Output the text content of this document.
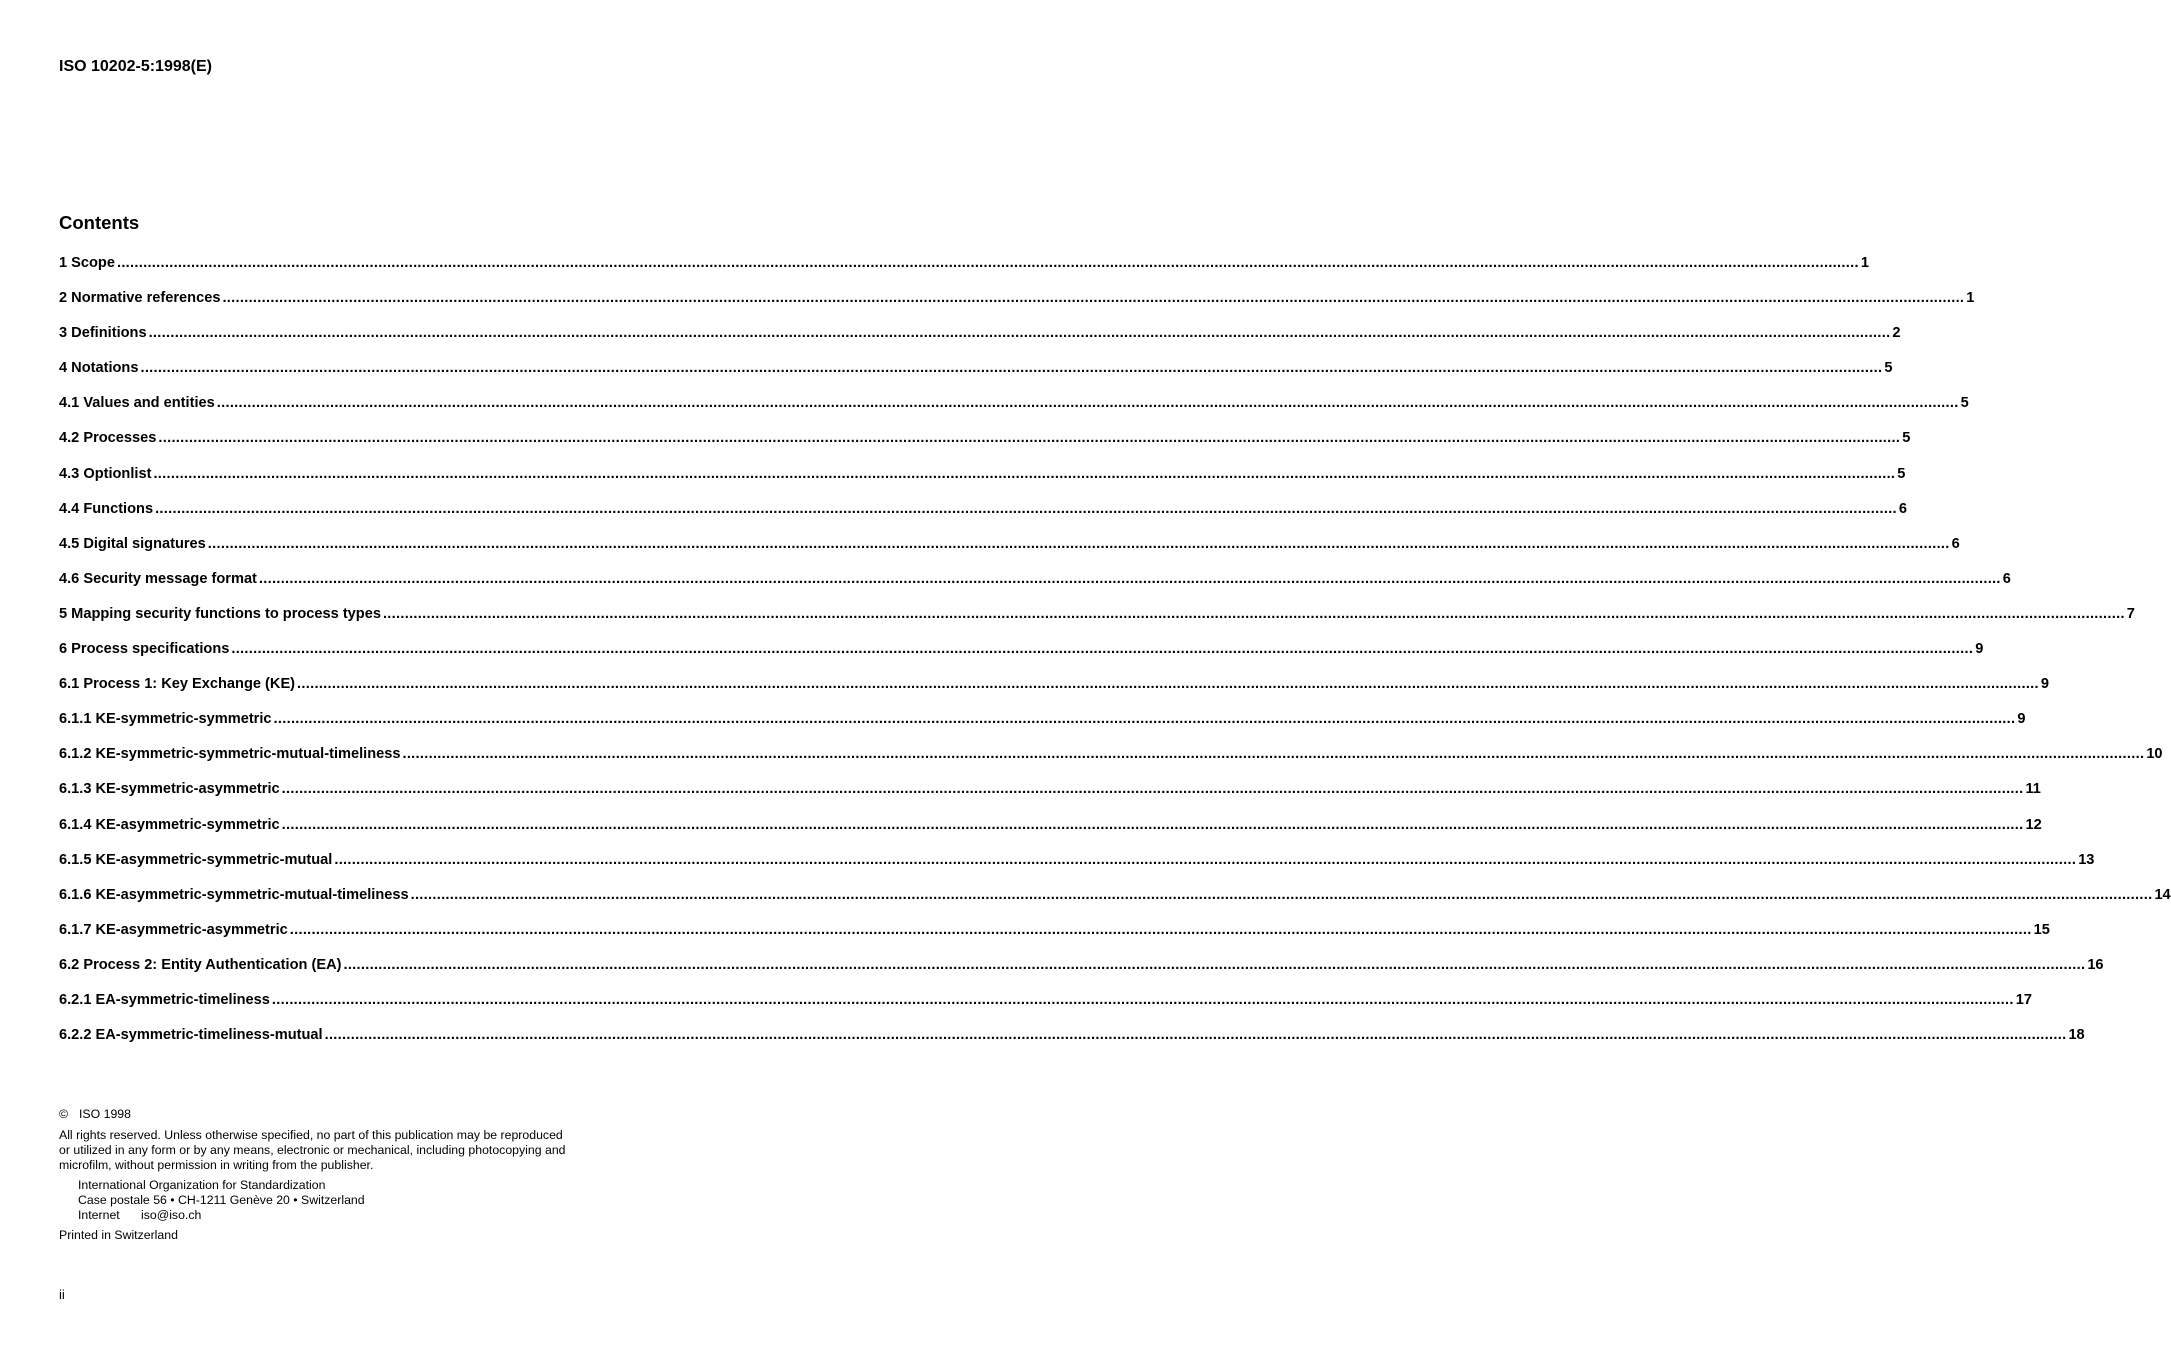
ISO 10202-5:1998(E)
Contents
1 Scope ................................................................................................................................................................................................................................................................................................................................................................................................................ 1
2 Normative references ................................................................................................................................................................................................................................................................................................................................................................................................................ 1
3 Definitions ................................................................................................................................................................................................................................................................................................................................................................................................................ 2
4 Notations ................................................................................................................................................................................................................................................................................................................................................................................................................ 5
4.1 Values and entities ................................................................................................................................................................................................................................................................................................................................................................................................................ 5
4.2 Processes ................................................................................................................................................................................................................................................................................................................................................................................................................ 5
4.3 Optionlist ................................................................................................................................................................................................................................................................................................................................................................................................................ 5
4.4 Functions ................................................................................................................................................................................................................................................................................................................................................................................................................ 6
4.5 Digital signatures ................................................................................................................................................................................................................................................................................................................................................................................................................ 6
4.6 Security message format ................................................................................................................................................................................................................................................................................................................................................................................................................ 6
5 Mapping security functions to process types ................................................................................................................................................................................................................................................................................................................................................................................................................ 7
6 Process specifications ................................................................................................................................................................................................................................................................................................................................................................................................................ 9
6.1 Process 1: Key Exchange (KE) ................................................................................................................................................................................................................................................................................................................................................................................................................ 9
6.1.1 KE-symmetric-symmetric ................................................................................................................................................................................................................................................................................................................................................................................................................ 9
6.1.2 KE-symmetric-symmetric-mutual-timeliness ................................................................................................................................................................................................................................................................................................................................................................................................................ 10
6.1.3 KE-symmetric-asymmetric ................................................................................................................................................................................................................................................................................................................................................................................................................ 11
6.1.4 KE-asymmetric-symmetric ................................................................................................................................................................................................................................................................................................................................................................................................................ 12
6.1.5 KE-asymmetric-symmetric-mutual ................................................................................................................................................................................................................................................................................................................................................................................................................ 13
6.1.6 KE-asymmetric-symmetric-mutual-timeliness ................................................................................................................................................................................................................................................................................................................................................................................................................ 14
6.1.7 KE-asymmetric-asymmetric ................................................................................................................................................................................................................................................................................................................................................................................................................ 15
6.2 Process 2: Entity Authentication (EA) ................................................................................................................................................................................................................................................................................................................................................................................................................ 16
6.2.1 EA-symmetric-timeliness ................................................................................................................................................................................................................................................................................................................................................................................................................ 17
6.2.2 EA-symmetric-timeliness-mutual ................................................................................................................................................................................................................................................................................................................................................................................................................ 18
© ISO 1998
All rights reserved. Unless otherwise specified, no part of this publication may be reproduced
or utilized in any form or by any means, electronic or mechanical, including photocopying and
microfilm, without permission in writing from the publisher.
International Organization for Standardization
Case postale 56 • CH-1211 Genève 20 • Switzerland
Internet iso@iso.ch
Printed in Switzerland
ii
